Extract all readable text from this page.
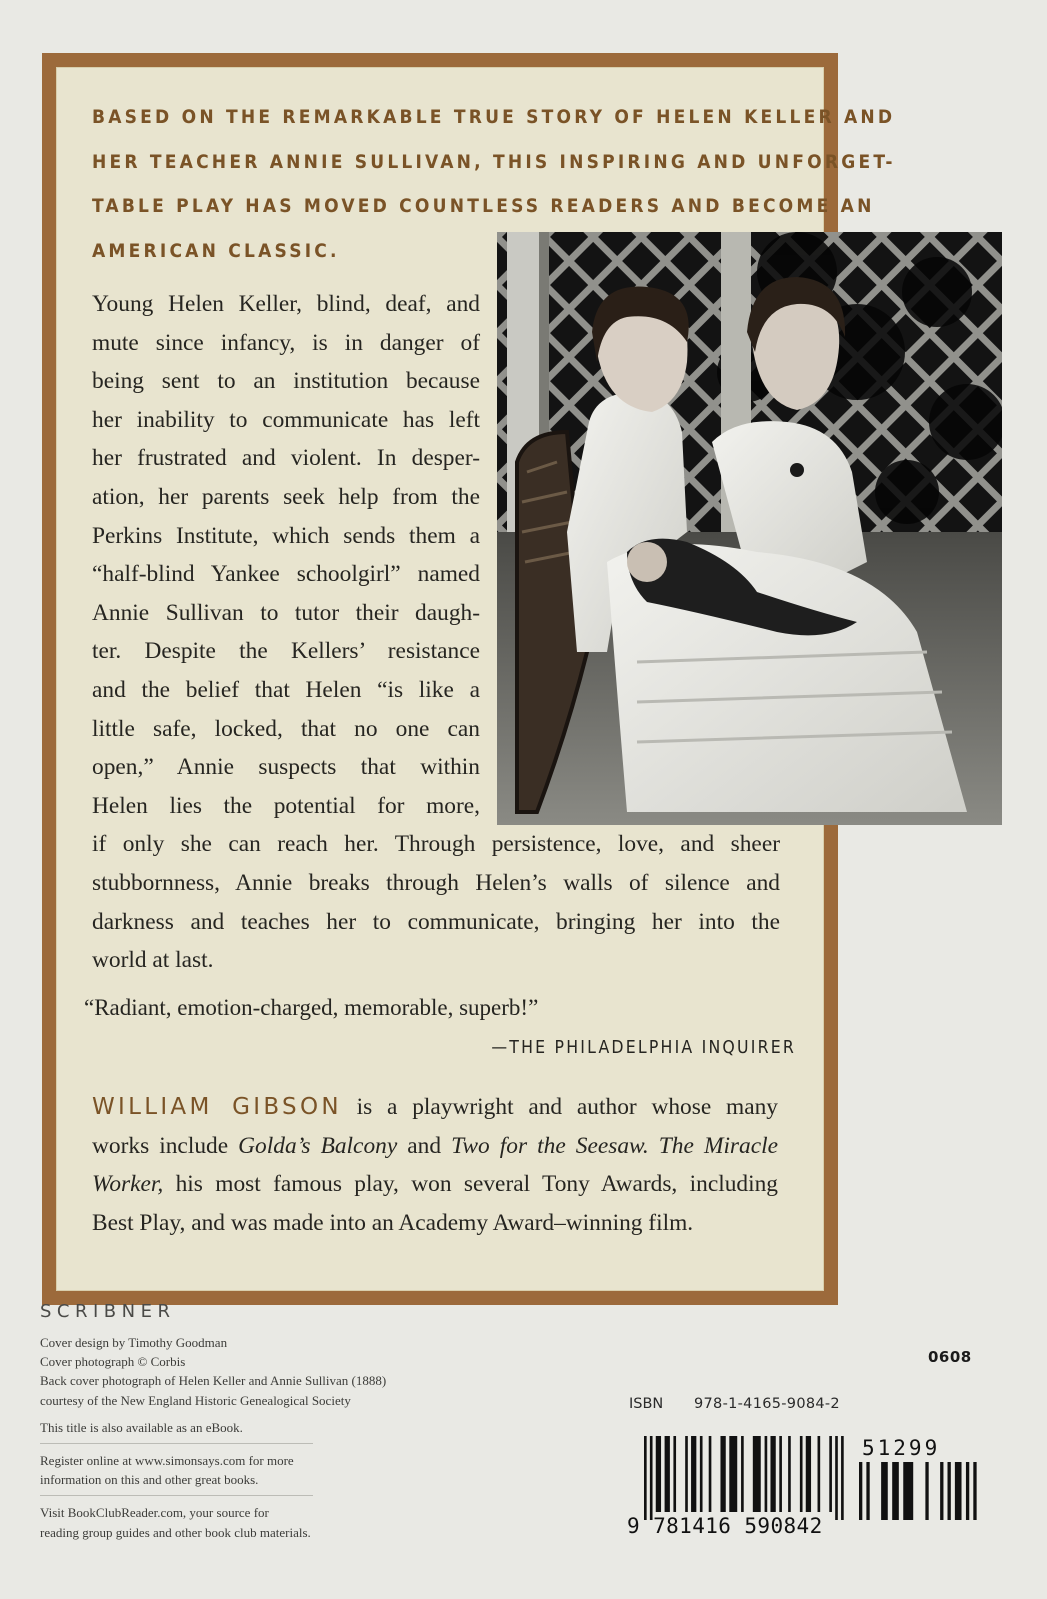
BASED ON THE REMARKABLE TRUE STORY OF HELEN KELLER AND
HER TEACHER ANNIE SULLIVAN, THIS INSPIRING AND UNFORGET-
TABLE PLAY HAS MOVED COUNTLESS READERS AND BECOME AN
AMERICAN CLASSIC.
Young Helen Keller, blind, deaf, and
mute since infancy, is in danger of
being sent to an institution because
her inability to communicate has left
her frustrated and violent. In desper-
ation, her parents seek help from the
Perkins Institute, which sends them a
“half-blind Yankee schoolgirl” named
Annie Sullivan to tutor their daugh-
ter. Despite the Kellers’ resistance
and the belief that Helen “is like a
little safe, locked, that no one can
open,” Annie suspects that within
Helen lies the potential for more,
if only she can reach her. Through persistence, love, and sheer
stubbornness, Annie breaks through Helen’s walls of silence and
darkness and teaches her to communicate, bringing her into the
world at last.
“Radiant, emotion-charged, memorable, superb!”
—THE PHILADELPHIA INQUIRER
WILLIAM GIBSON is a playwright and author whose many
works include Golda’s Balcony and Two for the Seesaw. The Miracle
Worker, his most famous play, won several Tony Awards, including
Best Play, and was made into an Academy Award–winning film.
SCRIBNER
Cover design by Timothy Goodman
Cover photograph © Corbis
Back cover photograph of Helen Keller and Annie Sullivan (1888)
courtesy of the New England Historic Genealogical Society
This title is also available as an eBook.
Register online at www.simonsays.com for more
information on this and other great books.
Visit BookClubReader.com, your source for
reading group guides and other book club materials.
0608
ISBN 978-1-4165-9084-2
9 781416 590842
51299
